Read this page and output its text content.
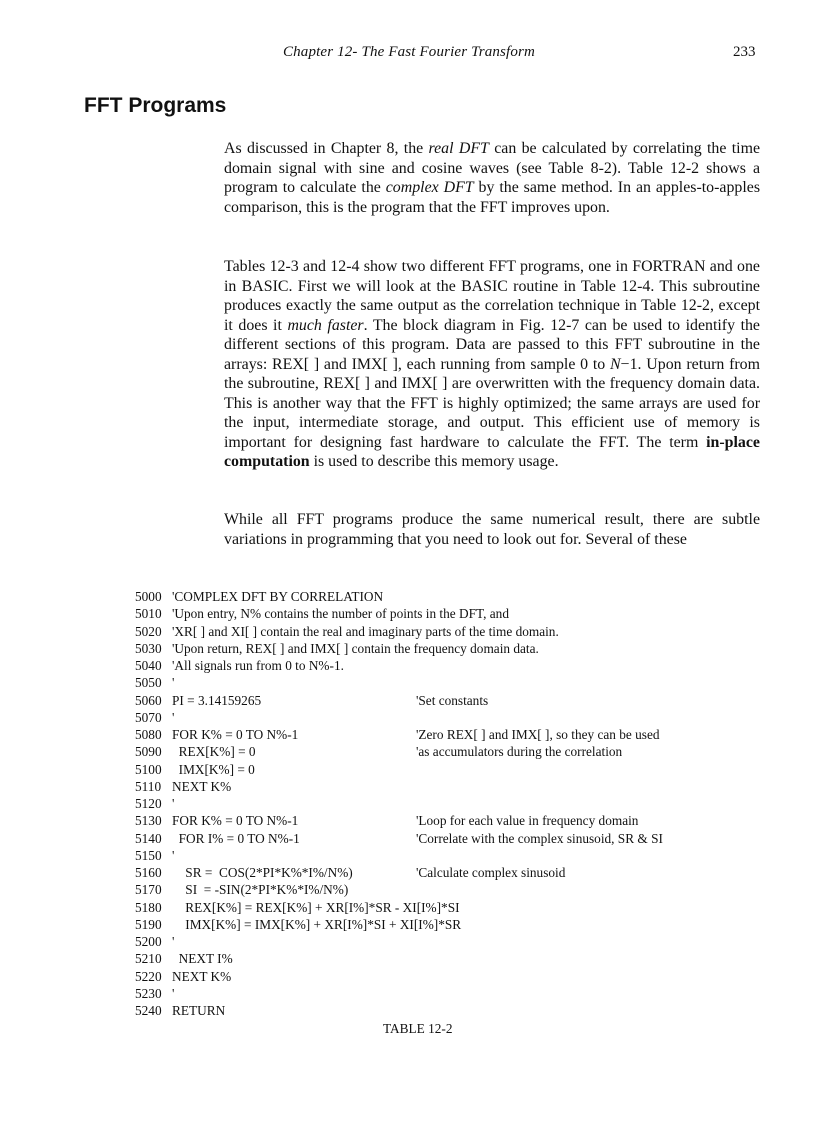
Chapter 12- The Fast Fourier Transform	233
FFT Programs

As discussed in Chapter 8, the real DFT can be calculated by correlating the time domain signal with sine and cosine waves (see Table 8-2). Table 12-2 shows a program to calculate the complex DFT by the same method. In an apples-to-apples comparison, this is the program that the FFT improves upon.

Tables 12-3 and 12-4 show two different FFT programs, one in FORTRAN and one in BASIC. First we will look at the BASIC routine in Table 12-4. This subroutine produces exactly the same output as the correlation technique in Table 12-2, except it does it much faster. The block diagram in Fig. 12-7 can be used to identify the different sections of this program. Data are passed to this FFT subroutine in the arrays: REX[ ] and IMX[ ], each running from sample 0 to N−1. Upon return from the subroutine, REX[ ] and IMX[ ] are overwritten with the frequency domain data. This is another way that the FFT is highly optimized; the same arrays are used for the input, intermediate storage, and output. This efficient use of memory is important for designing fast hardware to calculate the FFT. The term in-place computation is used to describe this memory usage.

While all FFT programs produce the same numerical result, there are subtle variations in programming that you need to look out for. Several of these

5000 'COMPLEX DFT BY CORRELATION
5010 'Upon entry, N% contains the number of points in the DFT, and
5020 'XR[ ] and XI[ ] contain the real and imaginary parts of the time domain.
5030 'Upon return, REX[ ] and IMX[ ] contain the frequency domain data.
5040 'All signals run from 0 to N%-1.
5050 '
5060 PI = 3.14159265	'Set constants
5070 '
5080 FOR K% = 0 TO N%-1	'Zero REX[ ] and IMX[ ], so they can be used
5090 REX[K%] = 0	'as accumulators during the correlation
5100 IMX[K%] = 0
5110 NEXT K%
5120 '
5130 FOR K% = 0 TO N%-1	'Loop for each value in frequency domain
5140 FOR I% = 0 TO N%-1	'Correlate with the complex sinusoid, SR & SI
5150 '
5160 SR =  COS(2*PI*K%*I%/N%)	'Calculate complex sinusoid
5170 SI  = -SIN(2*PI*K%*I%/N%)
5180 REX[K%] = REX[K%] + XR[I%]*SR - XI[I%]*SI
5190 IMX[K%] = IMX[K%] + XR[I%]*SI + XI[I%]*SR
5200 '
5210 NEXT I%
5220 NEXT K%
5230 '
5240 RETURN
TABLE 12-2
